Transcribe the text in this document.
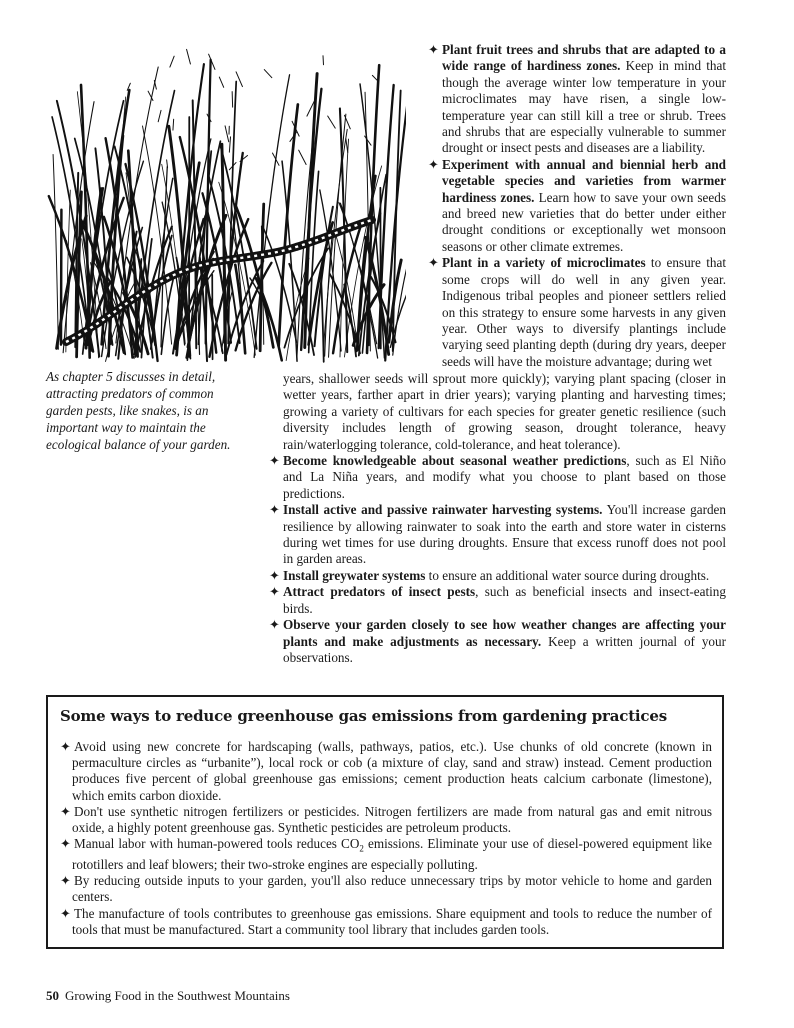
As chapter 5 discusses in detail, attracting predators of common garden pests, like snakes, is an important way to maintain the ecological balance of your garden.

✦ Plant fruit trees and shrubs that are adapted to a wide range of hardiness zones. Keep in mind that though the average winter low temperature in your microclimates may have risen, a single low-temperature year can still kill a tree or shrub. Trees and shrubs that are especially vulnerable to summer drought or insect pests and diseases are a liability.

✦ Experiment with annual and biennial herb and vegetable species and varieties from warmer hardiness zones. Learn how to save your own seeds and breed new varieties that do better under either drought conditions or exceptionally wet monsoon seasons or other climate extremes.

✦ Plant in a variety of microclimates to ensure that some crops will do well in any given year. Indigenous tribal peoples and pioneer settlers relied on this strategy to ensure some harvests in any given year. Other ways to diversify plantings include varying seed planting depth (during dry years, deeper seeds will have the moisture advantage; during wet

years, shallower seeds will sprout more quickly); varying plant spacing (closer in wetter years, farther apart in drier years); varying planting and harvesting times; growing a variety of cultivars for each species for greater genetic resilience (such diversity includes length of growing season, drought tolerance, heavy rain/waterlogging tolerance, cold-tolerance, and heat tolerance).

✦ Become knowledgeable about seasonal weather predictions, such as El Niño and La Niña years, and modify what you choose to plant based on those predictions.

✦ Install active and passive rainwater harvesting systems. You'll increase garden resilience by allowing rainwater to soak into the earth and store water in cisterns during wet times for use during droughts. Ensure that excess runoff does not pool in garden areas.

✦ Install greywater systems to ensure an additional water source during droughts.

✦ Attract predators of insect pests, such as beneficial insects and insect-eating birds.

✦ Observe your garden closely to see how weather changes are affecting your plants and make adjustments as necessary. Keep a written journal of your observations.

Some ways to reduce greenhouse gas emissions from gardening practices
✦ Avoid using new concrete for hardscaping (walls, pathways, patios, etc.). Use chunks of old concrete (known in permaculture circles as “urbanite”), local rock or cob (a mixture of clay, sand and straw) instead. Cement production produces five percent of global greenhouse gas emissions; cement production heats calcium carbonate (limestone), which emits carbon dioxide.
✦ Don't use synthetic nitrogen fertilizers or pesticides. Nitrogen fertilizers are made from natural gas and emit nitrous oxide, a highly potent greenhouse gas. Synthetic pesticides are petroleum products.
✦ Manual labor with human-powered tools reduces $CO_2$ emissions. Eliminate your use of diesel-powered equipment like rototillers and leaf blowers; their two-stroke engines are especially polluting.
✦ By reducing outside inputs to your garden, you'll also reduce unnecessary trips by motor vehicle to home and garden centers.
✦ The manufacture of tools contributes to greenhouse gas emissions. Share equipment and tools to reduce the number of tools that must be manufactured. Start a community tool library that includes garden tools.
50 Growing Food in the Southwest Mountains
